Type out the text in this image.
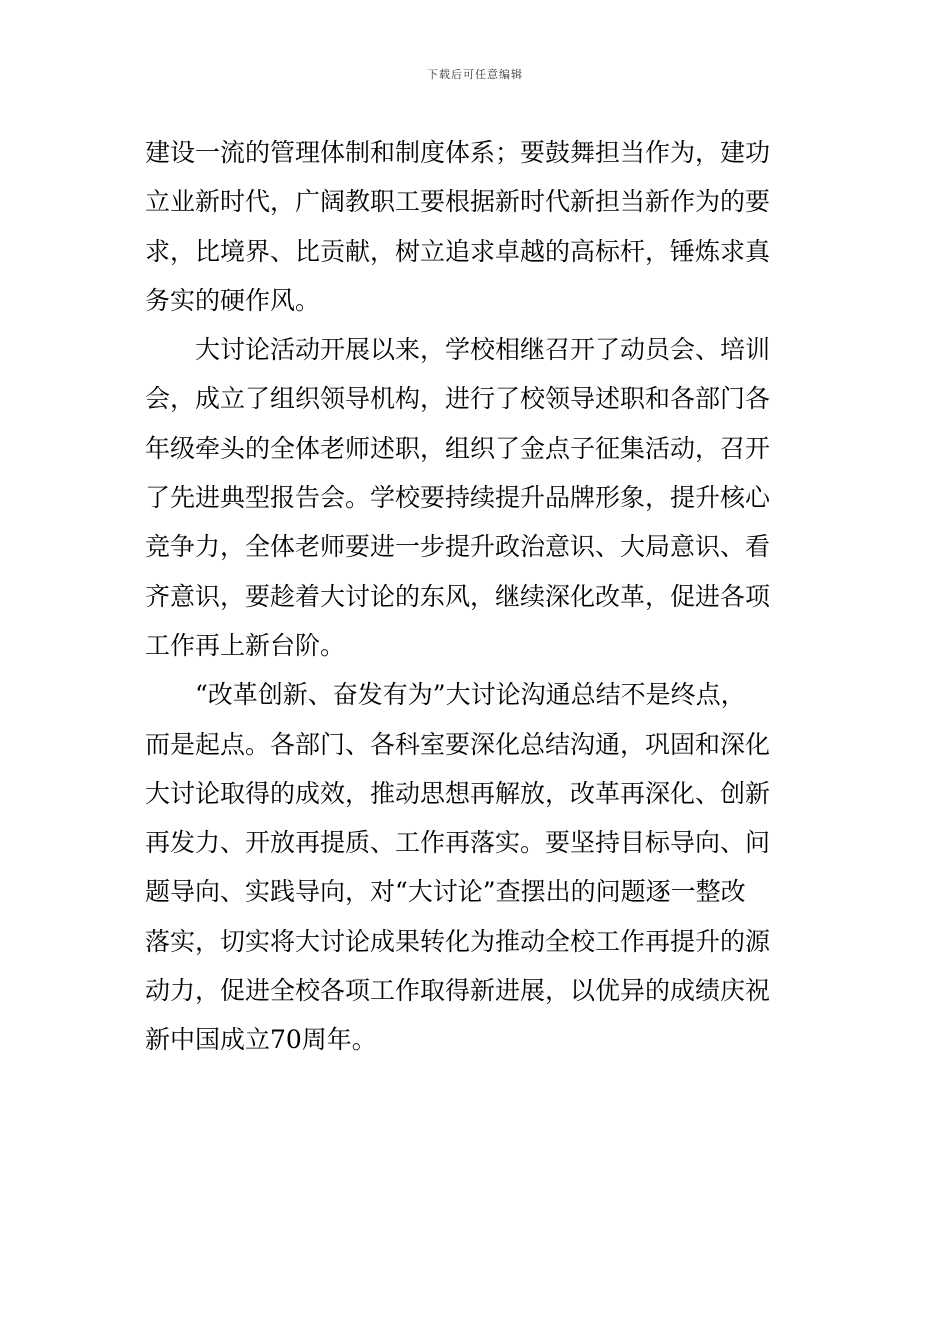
下载后可任意编辑
建设一流的管理体制和制度体系；要鼓舞担当作为，建功
立业新时代，广阔教职工要根据新时代新担当新作为的要
求，比境界、比贡献，树立追求卓越的高标杆，锤炼求真
务实的硬作风。
　　大讨论活动开展以来，学校相继召开了动员会、培训
会，成立了组织领导机构，进行了校领导述职和各部门各
年级牵头的全体老师述职，组织了金点子征集活动，召开
了先进典型报告会。学校要持续提升品牌形象，提升核心
竞争力，全体老师要进一步提升政治意识、大局意识、看
齐意识，要趁着大讨论的东风，继续深化改革，促进各项
工作再上新台阶。
　　“改革创新、奋发有为”大讨论沟通总结不是终点，
而是起点。各部门、各科室要深化总结沟通，巩固和深化
大讨论取得的成效，推动思想再解放，改革再深化、创新
再发力、开放再提质、工作再落实。要坚持目标导向、问
题导向、实践导向，对“大讨论”查摆出的问题逐一整改
落实，切实将大讨论成果转化为推动全校工作再提升的源
动力，促进全校各项工作取得新进展，以优异的成绩庆祝
新中国成立70周年。
